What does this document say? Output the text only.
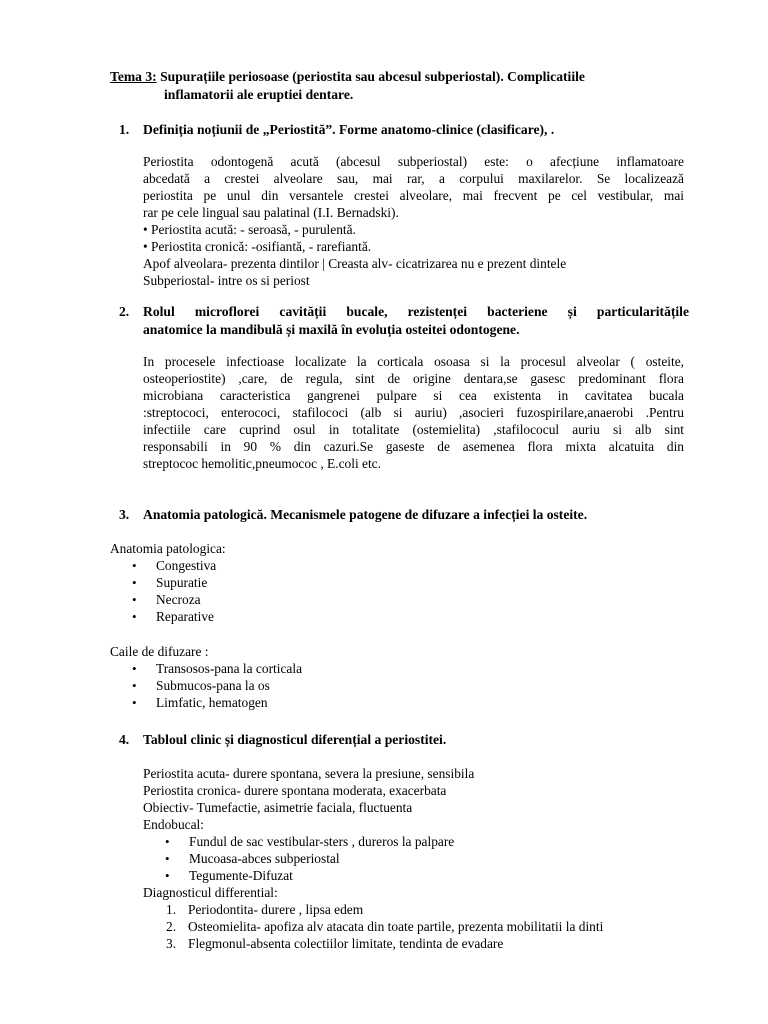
Tema 3: Supurațiile periosoase (periostita sau abcesul subperiostal). Complicatiile
inflamatorii ale eruptiei dentare.
1. Definiția noțiunii de „Periostită”. Forme anatomo-clinice (clasificare), .
Periostita odontogenă acută (abcesul subperiostal) este: o afecțiune inflamatoare
abcedată a crestei alveolare sau, mai rar, a corpului maxilarelor. Se localizează
periostita pe unul din versantele crestei alveolare, mai frecvent pe cel vestibular, mai
rar pe cele lingual sau palatinal (I.I. Bernadski).
• Periostita acută: - seroasă, - purulentă.
• Periostita cronică: -osifiantă, - rarefiantă.
Apof alveolara- prezenta dintilor | Creasta alv- cicatrizarea nu e prezent dintele
Subperiostal- intre os si periost
2.	Rolul microflorei cavității bucale, rezistenței bacteriene și particularitățile
anatomice la mandibulă și maxilă în evoluția osteitei odontogene.
In procesele infectioase localizate la corticala osoasa si la procesul alveolar ( osteite,
osteoperiostite) ,care, de regula, sint de origine dentara,se gasesc predominant flora
microbiana caracteristica gangrenei pulpare si cea existenta in cavitatea bucala
:streptococi, enterococi, stafilococi (alb si auriu) ,asocieri fuzospirilare,anaerobi .Pentru
infectiile care cuprind osul in totalitate (ostemielita) ,stafilococul auriu si alb sint
responsabili in 90 % din cazuri.Se gaseste de asemenea flora mixta alcatuita din
streptococ hemolitic,pneumococ , E.coli etc.
3. Anatomia patologică. Mecanismele patogene de difuzare a infecției la osteite.
Anatomia patologica:
• Congestiva
• Supuratie
• Necroza
• Reparative
Caile de difuzare :
• Transosos-pana la corticala
• Submucos-pana la os
• Limfatic, hematogen
4. Tabloul clinic și diagnosticul diferențial a periostitei.
Periostita acuta- durere spontana, severa la presiune, sensibila
Periostita cronica- durere spontana moderata, exacerbata
Obiectiv- Tumefactie, asimetrie faciala, fluctuenta
Endobucal:
• Fundul de sac vestibular-sters , dureros la palpare
• Mucoasa-abces subperiostal
• Tegumente-Difuzat
Diagnosticul differential:
1. Periodontita- durere , lipsa edem
2. Osteomielita- apofiza alv atacata din toate partile, prezenta mobilitatii la dinti
3. Flegmonul-absenta colectiilor limitate, tendinta de evadare
